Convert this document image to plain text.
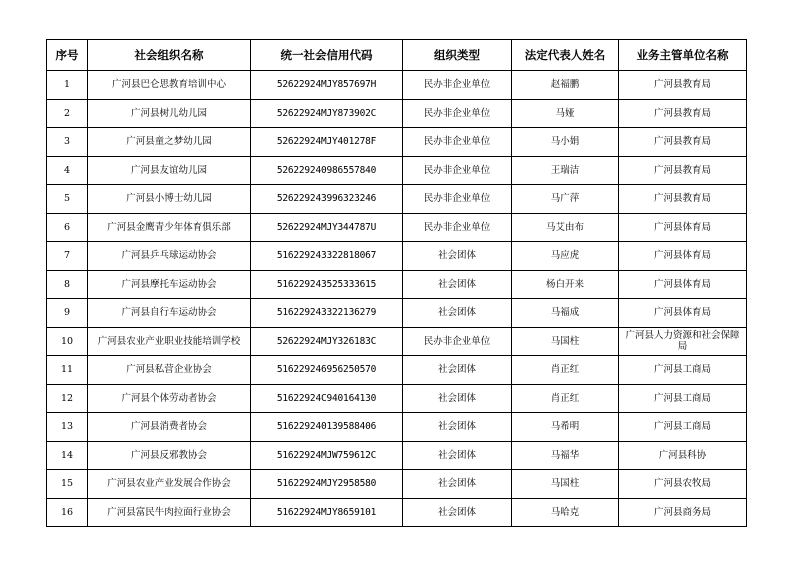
序号	社会组织名称	统一社会信用代码	组织类型	法定代表人姓名	业务主管单位名称
1	广河县巴仑思教育培训中心	52622924MJY857697H	民办非企业单位	赵福鹏	广河县教育局
2	广河县树儿幼儿园	52622924MJY873902C	民办非企业单位	马娅	广河县教育局
3	广河县童之梦幼儿园	52622924MJY401278F	民办非企业单位	马小娟	广河县教育局
4	广河县友谊幼儿园	526229240986557840	民办非企业单位	王瑞洁	广河县教育局
5	广河县小博士幼儿园	526229243996323246	民办非企业单位	马广萍	广河县教育局
6	广河县金鹰青少年体育俱乐部	52622924MJY344787U	民办非企业单位	马艾由布	广河县体育局
7	广河县乒乓球运动协会	516229243322818067	社会团体	马应虎	广河县体育局
8	广河县摩托车运动协会	516229243525333615	社会团体	杨白开来	广河县体育局
9	广河县自行车运动协会	516229243322136279	社会团体	马福成	广河县体育局
10	广河县农业产业职业技能培训学校	52622924MJY326183C	民办非企业单位	马国柱	广河县人力资源和社会保障局
11	广河县私营企业协会	516229246956250570	社会团体	肖正红	广河县工商局
12	广河县个体劳动者协会	51622924C940164130	社会团体	肖正红	广河县工商局
13	广河县消费者协会	516229240139588406	社会团体	马希明	广河县工商局
14	广河县反邪教协会	51622924MJW759612C	社会团体	马福华	广河县科协
15	广河县农业产业发展合作协会	51622924MJY2958580	社会团体	马国柱	广河县农牧局
16	广河县富民牛肉拉面行业协会	51622924MJY8659101	社会团体	马哈克	广河县商务局
